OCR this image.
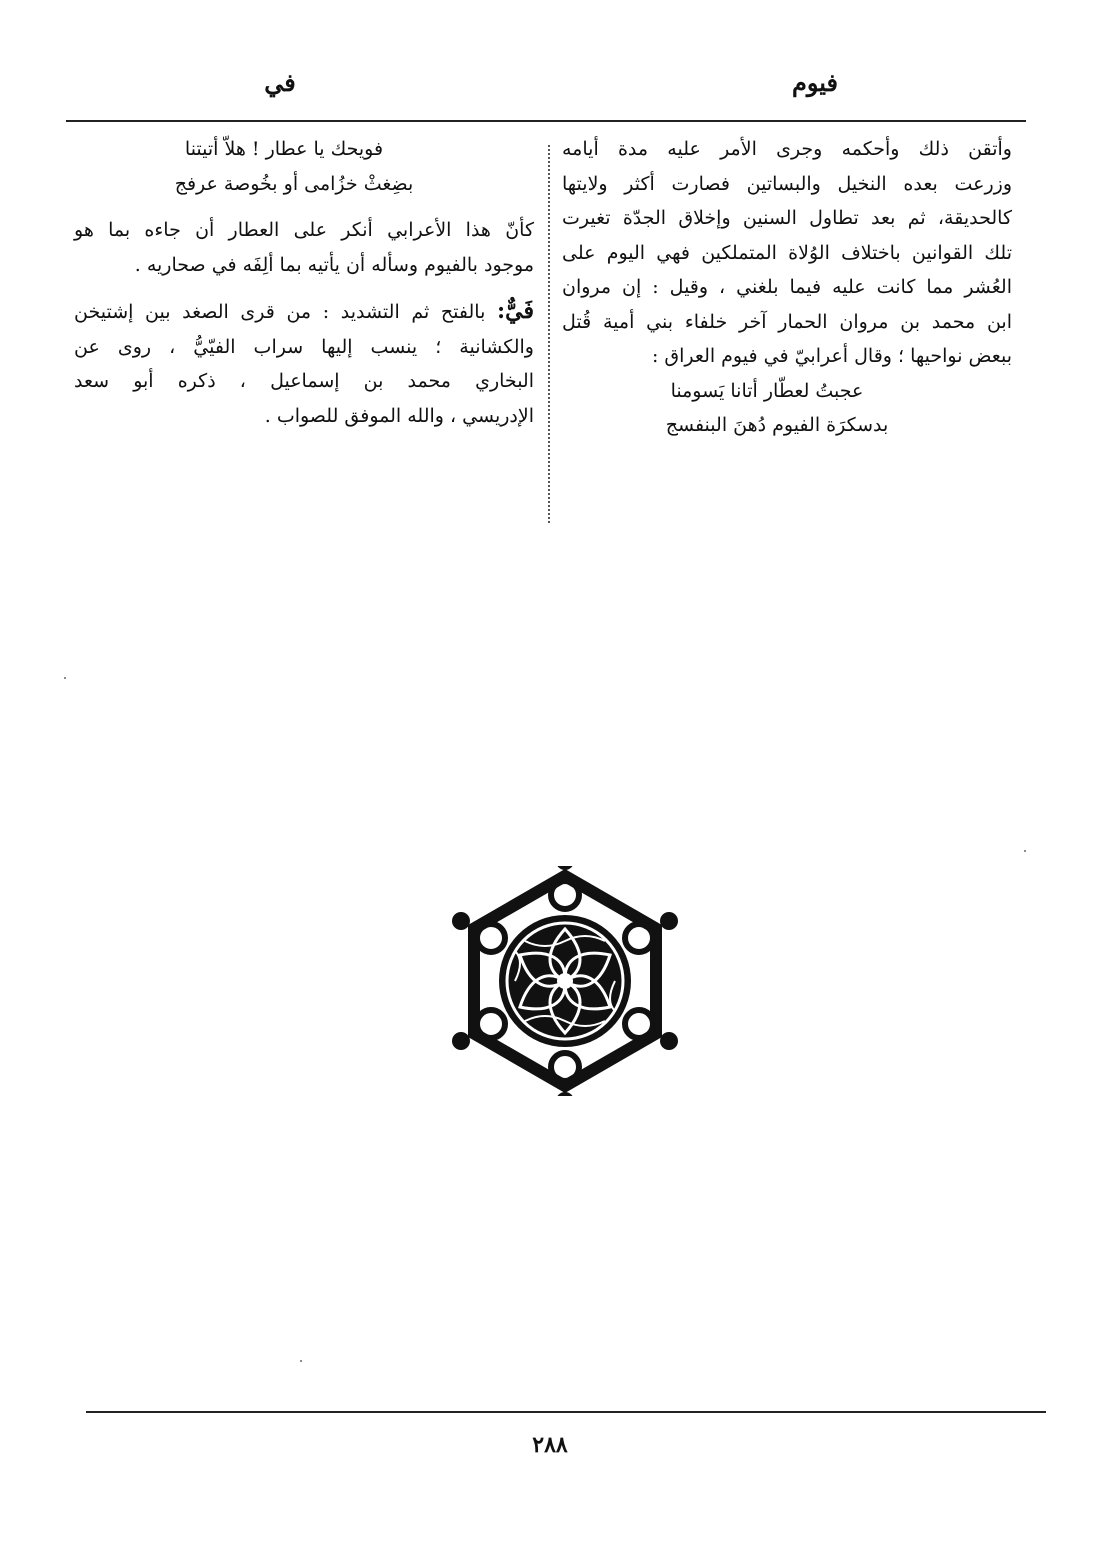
فيوم
في
وأتقن ذلك وأحكمه وجرى الأمر عليه مدة أيامه
وزرعت بعده النخيل والبساتين فصارت أكثر ولايتها
كالحديقة، ثم بعد تطاول السنين وإخلاق الجدّة تغيرت
تلك القوانين باختلاف الوُلاة المتملكين فهي اليوم على
العُشر مما كانت عليه فيما بلغني ، وقيل : إن مروان
ابن محمد بن مروان الحمار آخر خلفاء بني أمية قُتل
ببعض نواحيها ؛ وقال أعرابيّ في فيوم العراق :
عجبتُ لعطّار أتانا يَسومنا
بدسكرَة الفيوم دُهنَ البنفسج
فويحك يا عطار ! هلاّ أتيتنا
بضِغثْ خزُامى أو بخُوصة عرفج
كأنّ هذا الأعرابي أنكر على العطار أن جاءه بما هو
موجود بالفيوم وسأله أن يأتيه بما ألِفَه في صحاريه .
فَيٌّ: بالفتح ثم التشديد : من قرى الصغد بين إشتيخن
والكشانية ؛ ينسب إليها سراب الفيّيُّ ، روى عن
البخاري محمد بن إسماعيل ، ذكره أبو سعد
الإدريسي ، والله الموفق للصواب .
٢٨٨
